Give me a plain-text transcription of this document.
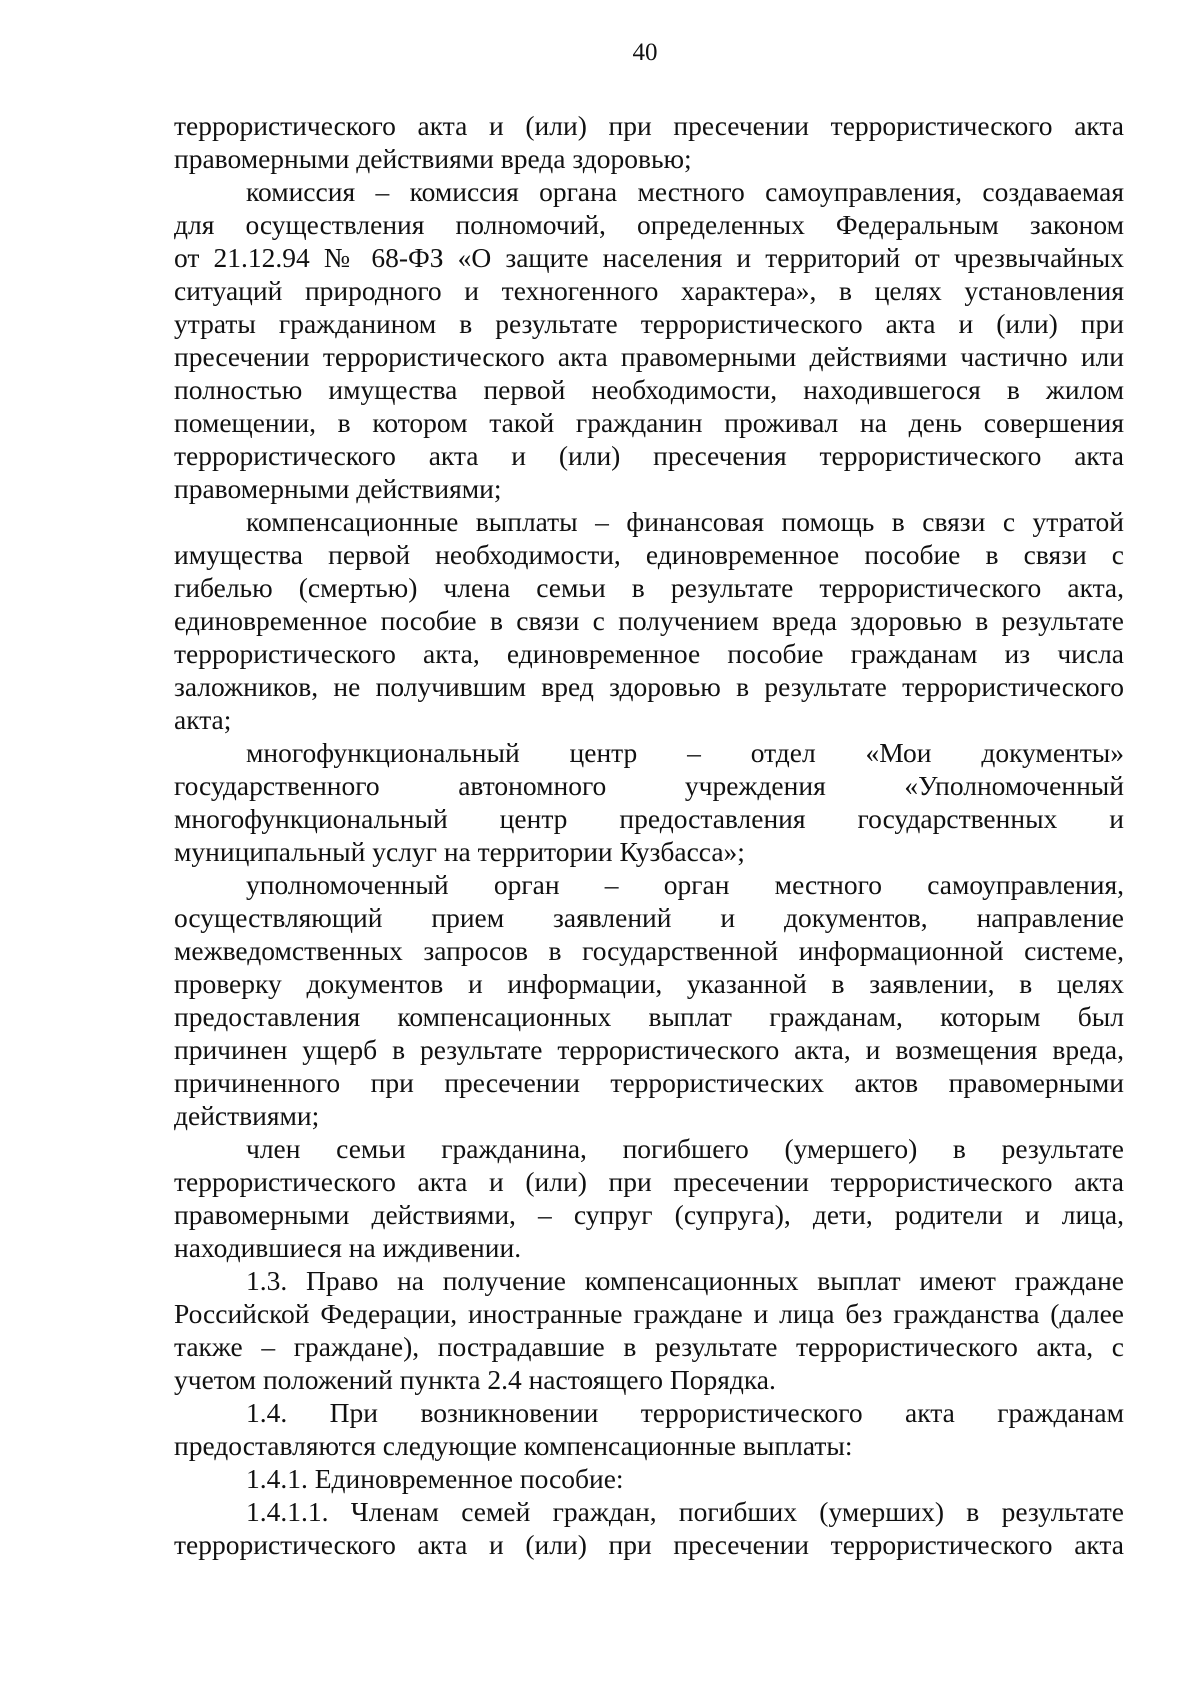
40
террористического акта и (или) при пресечении террористического акта
правомерными действиями вреда здоровью;
комиссия – комиссия органа местного самоуправления, создаваемая
для осуществления полномочий, определенных Федеральным законом
от 21.12.94 № 68-ФЗ «О защите населения и территорий от чрезвычайных
ситуаций природного и техногенного характера», в целях установления
утраты гражданином в результате террористического акта и (или) при
пресечении террористического акта правомерными действиями частично или
полностью имущества первой необходимости, находившегося в жилом
помещении, в котором такой гражданин проживал на день совершения
террористического акта и (или) пресечения террористического акта
правомерными действиями;
компенсационные выплаты – финансовая помощь в связи с утратой
имущества первой необходимости, единовременное пособие в связи с
гибелью (смертью) члена семьи в результате террористического акта,
единовременное пособие в связи с получением вреда здоровью в результате
террористического акта, единовременное пособие гражданам из числа
заложников, не получившим вред здоровью в результате террористического
акта;
многофункциональный центр – отдел «Мои документы»
государственного автономного учреждения «Уполномоченный
многофункциональный центр предоставления государственных и
муниципальный услуг на территории Кузбасса»;
уполномоченный орган – орган местного самоуправления,
осуществляющий прием заявлений и документов, направление
межведомственных запросов в государственной информационной системе,
проверку документов и информации, указанной в заявлении, в целях
предоставления компенсационных выплат гражданам, которым был
причинен ущерб в результате террористического акта, и возмещения вреда,
причиненного при пресечении террористических актов правомерными
действиями;
член семьи гражданина, погибшего (умершего) в результате
террористического акта и (или) при пресечении террористического акта
правомерными действиями, – супруг (супруга), дети, родители и лица,
находившиеся на иждивении.
1.3. Право на получение компенсационных выплат имеют граждане
Российской Федерации, иностранные граждане и лица без гражданства (далее
также – граждане), пострадавшие в результате террористического акта, с
учетом положений пункта 2.4 настоящего Порядка.
1.4. При возникновении террористического акта гражданам
предоставляются следующие компенсационные выплаты:
1.4.1. Единовременное пособие:
1.4.1.1. Членам семей граждан, погибших (умерших) в результате
террористического акта и (или) при пресечении террористического акта
